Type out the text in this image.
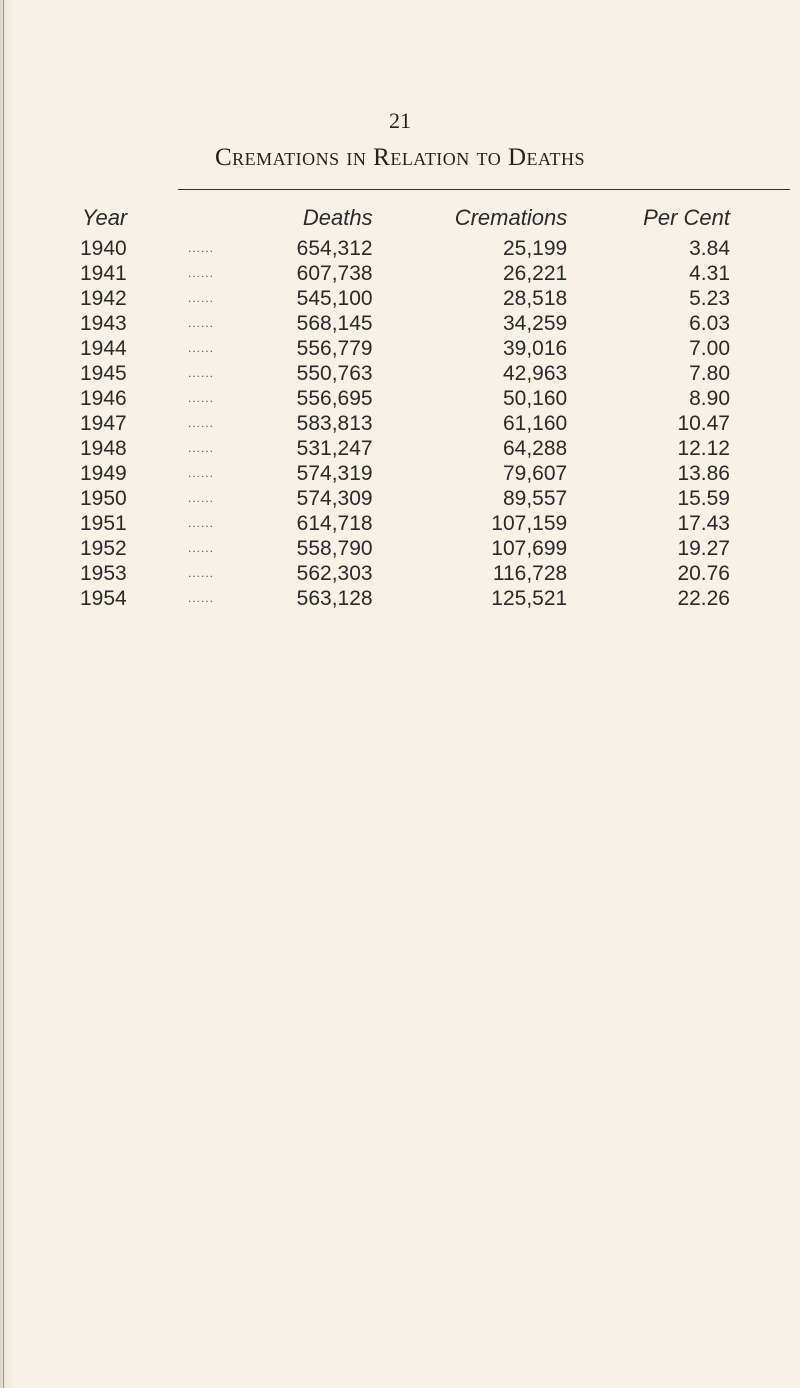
21
Cremations in Relation to Deaths
Year		Deaths	Cremations	Per Cent
1940	......	654,312	25,199	3.84
1941	......	607,738	26,221	4.31
1942	......	545,100	28,518	5.23
1943	......	568,145	34,259	6.03
1944	......	556,779	39,016	7.00
1945	......	550,763	42,963	7.80
1946	......	556,695	50,160	8.90
1947	......	583,813	61,160	10.47
1948	......	531,247	64,288	12.12
1949	......	574,319	79,607	13.86
1950	......	574,309	89,557	15.59
1951	......	614,718	107,159	17.43
1952	......	558,790	107,699	19.27
1953	......	562,303	116,728	20.76
1954	......	563,128	125,521	22.26
